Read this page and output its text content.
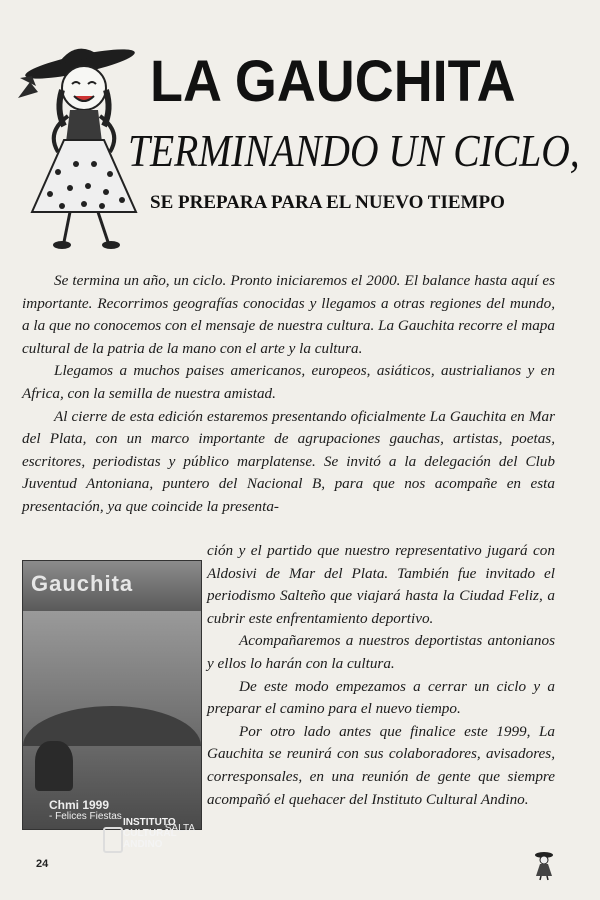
LA GAUCHITA
TERMINANDO UN CICLO,
SE PREPARA PARA EL NUEVO TIEMPO

Se termina un año, un ciclo. Pronto iniciaremos el 2000. El balance hasta aquí es importante. Recorrimos geografías conocidas y llegamos a otras regiones del mundo, a la que no conocemos con el mensaje de nuestra cultura. La Gauchita recorre el mapa cultural de la patria de la mano con el arte y la cultura.

Llegamos a muchos paises americanos, europeos, asiáticos, austrialianos y en Africa, con la semilla de nuestra amistad.

Al cierre de esta edición estaremos presentando oficialmente La Gauchita en Mar del Plata, con un marco importante de agrupaciones gauchas, artistas, poetas, escritores, periodistas y público marplatense. Se invitó a la delegación del Club Juventud Antoniana, puntero del Nacional B, para que nos acompañe en esta presentación, ya que coincide la presenta-

ción y el partido que nuestro representativo jugará con Aldosivi de Mar del Plata. También fue invitado el periodismo Salteño que viajará hasta la Ciudad Feliz, a cubrir este enfrentamiento deportivo.

Acompañaremos a nuestros deportistas antonianos y ellos lo harán con la cultura.

De este modo empezamos a cerrar un ciclo y a preparar el camino para el nuevo tiempo.

Por otro lado antes que finalice este 1999, La Gauchita se reunirá con sus colaboradores, avisadores, corresponsales, en una reunión de gente que siempre acompañó el quehacer del Instituto Cultural Andino.

Gauchita
Chmi 1999
- Felices Fiestas
SALTA
INSTITUTO
CULTURAL
ANDINO
24
